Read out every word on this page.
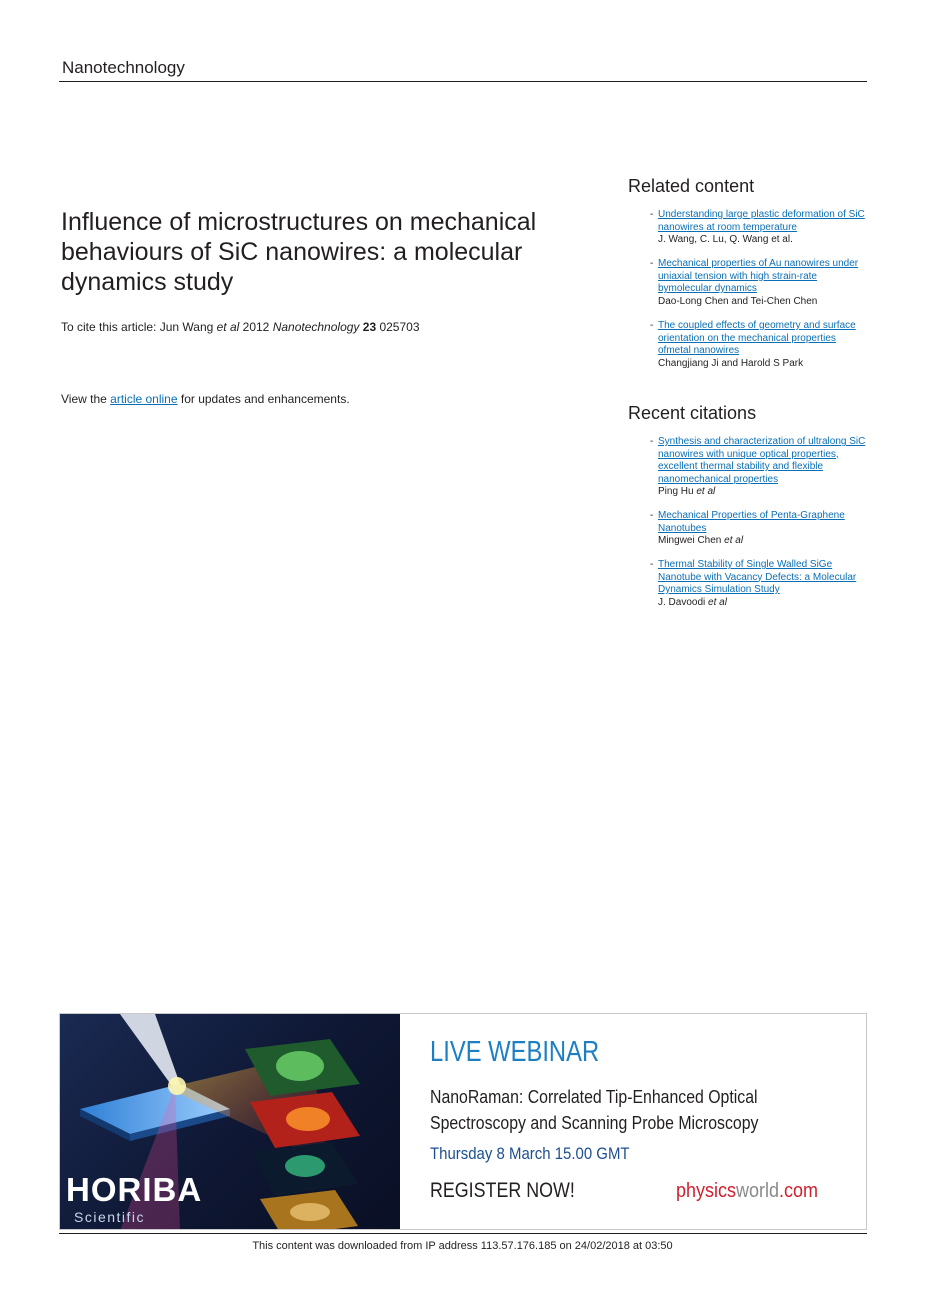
Nanotechnology
Influence of microstructures on mechanical behaviours of SiC nanowires: a molecular dynamics study
To cite this article: Jun Wang et al 2012 Nanotechnology 23 025703
View the article online for updates and enhancements.
Related content
- Understanding large plastic deformation of SiC nanowires at room temperature
J. Wang, C. Lu, Q. Wang et al.
- Mechanical properties of Au nanowires under uniaxial tension with high strain-rate bymolecular dynamics
Dao-Long Chen and Tei-Chen Chen
- The coupled effects of geometry and surface orientation on the mechanical properties ofmetal nanowires
Changjiang Ji and Harold S Park
Recent citations
- Synthesis and characterization of ultralong SiC nanowires with unique optical properties, excellent thermal stability and flexible nanomechanical properties
Ping Hu et al
- Mechanical Properties of Penta-Graphene Nanotubes
Mingwei Chen et al
- Thermal Stability of Single Walled SiGe Nanotube with Vacancy Defects: a Molecular Dynamics Simulation Study
J. Davoodi et al
HORIBA
Scientific
LIVE WEBINAR
NanoRaman: Correlated Tip-Enhanced Optical Spectroscopy and Scanning Probe Microscopy
Thursday 8 March 15.00 GMT
REGISTER NOW!	physicsworld.com
This content was downloaded from IP address 113.57.176.185 on 24/02/2018 at 03:50
